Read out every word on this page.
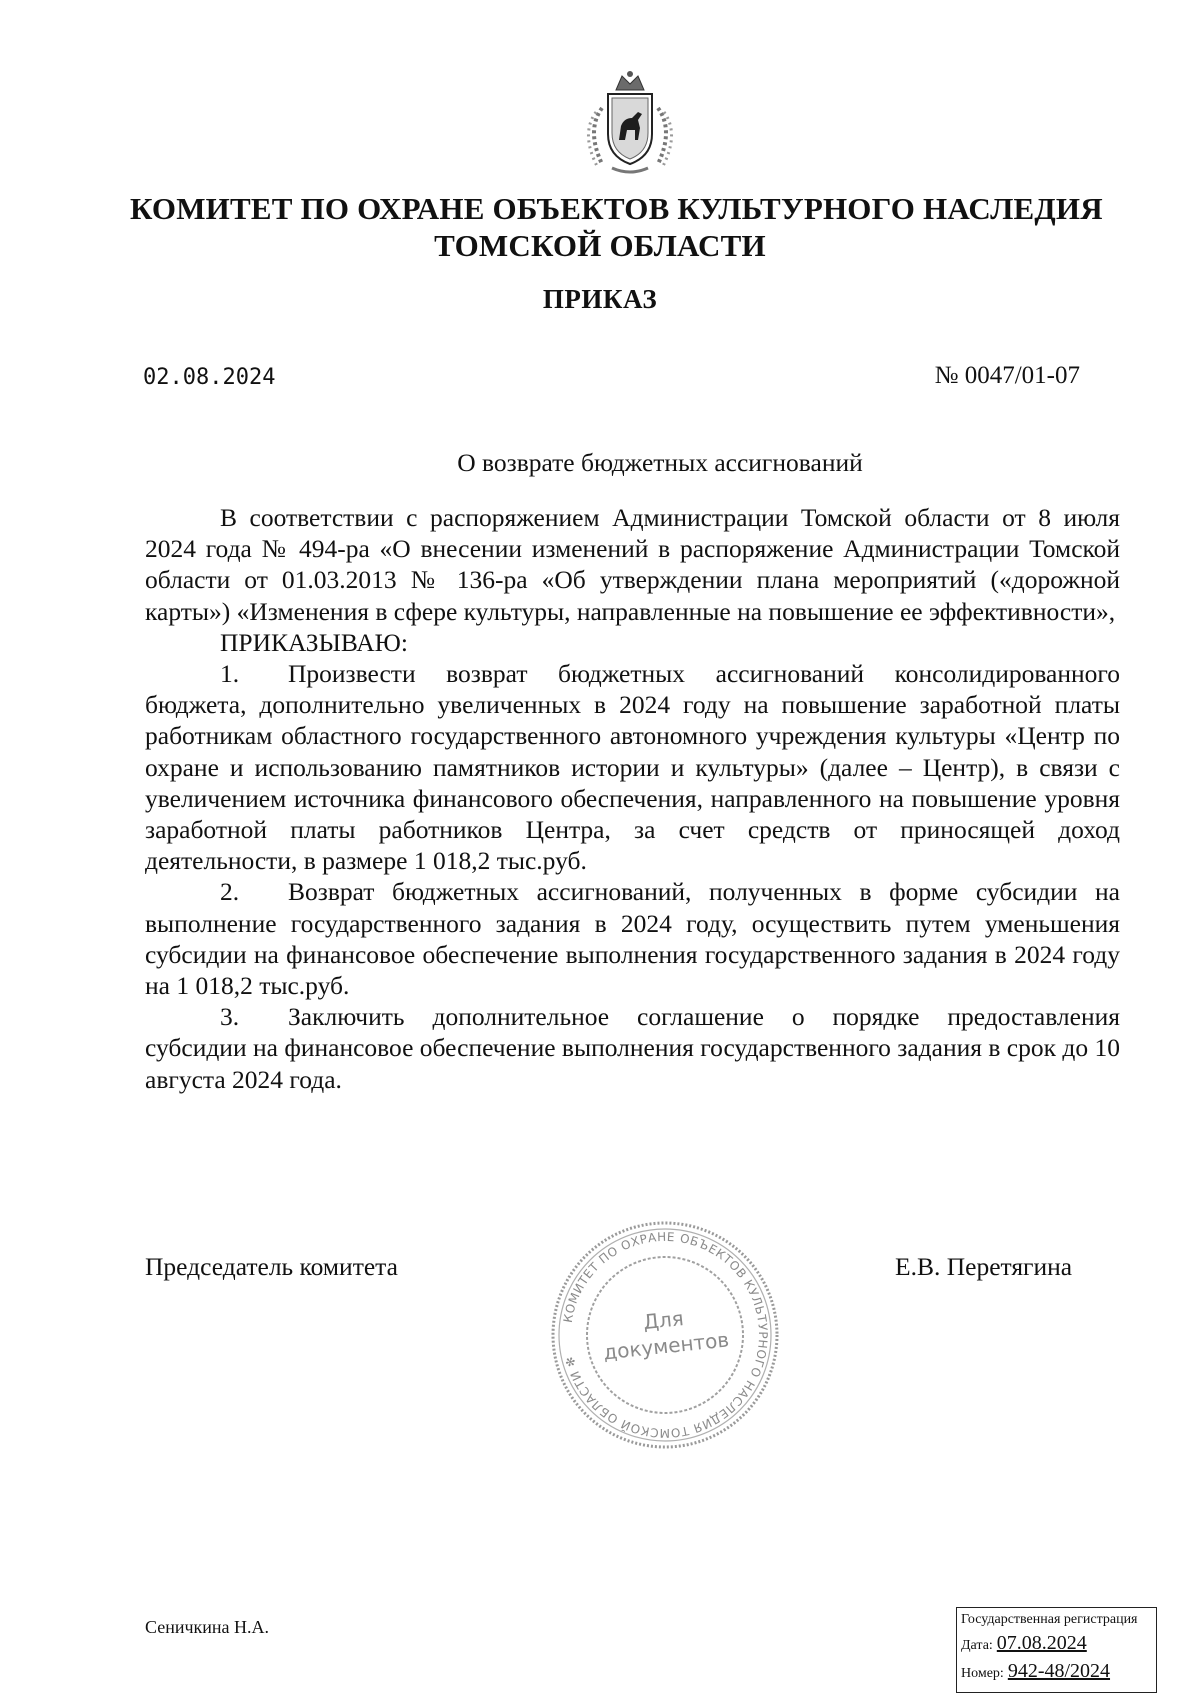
КОМИТЕТ ПО ОХРАНЕ ОБЪЕКТОВ КУЛЬТУРНОГО НАСЛЕДИЯ
ТОМСКОЙ ОБЛАСТИ
ПРИКАЗ
02.08.2024	№ 0047/01-07
О возврате бюджетных ассигнований

В соответствии с распоряжением Администрации Томской области от 8 июля 2024 года № 494-ра «О внесении изменений в распоряжение Администрации Томской области от 01.03.2013 № 136-ра «Об утверждении плана мероприятий («дорожной карты») «Изменения в сфере культуры, направленные на повышение ее эффективности»,

ПРИКАЗЫВАЮ:

1. Произвести возврат бюджетных ассигнований консолидированного бюджета, дополнительно увеличенных в 2024 году на повышение заработной платы работникам областного государственного автономного учреждения культуры «Центр по охране и использованию памятников истории и культуры» (далее – Центр), в связи с увеличением источника финансового обеспечения, направленного на повышение уровня заработной платы работников Центра, за счет средств от приносящей доход деятельности, в размере 1 018,2 тыс.руб.

2. Возврат бюджетных ассигнований, полученных в форме субсидии на выполнение государственного задания в 2024 году, осуществить путем уменьшения субсидии на финансовое обеспечение выполнения государственного задания в 2024 году на 1 018,2 тыс.руб.

3. Заключить дополнительное соглашение о порядке предоставления субсидии на финансовое обеспечение выполнения государственного задания в срок до 10 августа 2024 года.

Председатель комитета	Е.В. Перетягина
КОМИТЕТ ПО ОХРАНЕ ОБЪЕКТОВ КУЛЬТУРНОГО НАСЛЕДИЯ ТОМСКОЙ ОБЛАСТИ ✻
Для
документов
Сеничкина Н.А.	Государственная регистрация
Дата: 07.08.2024
Номер: 942-48/2024
